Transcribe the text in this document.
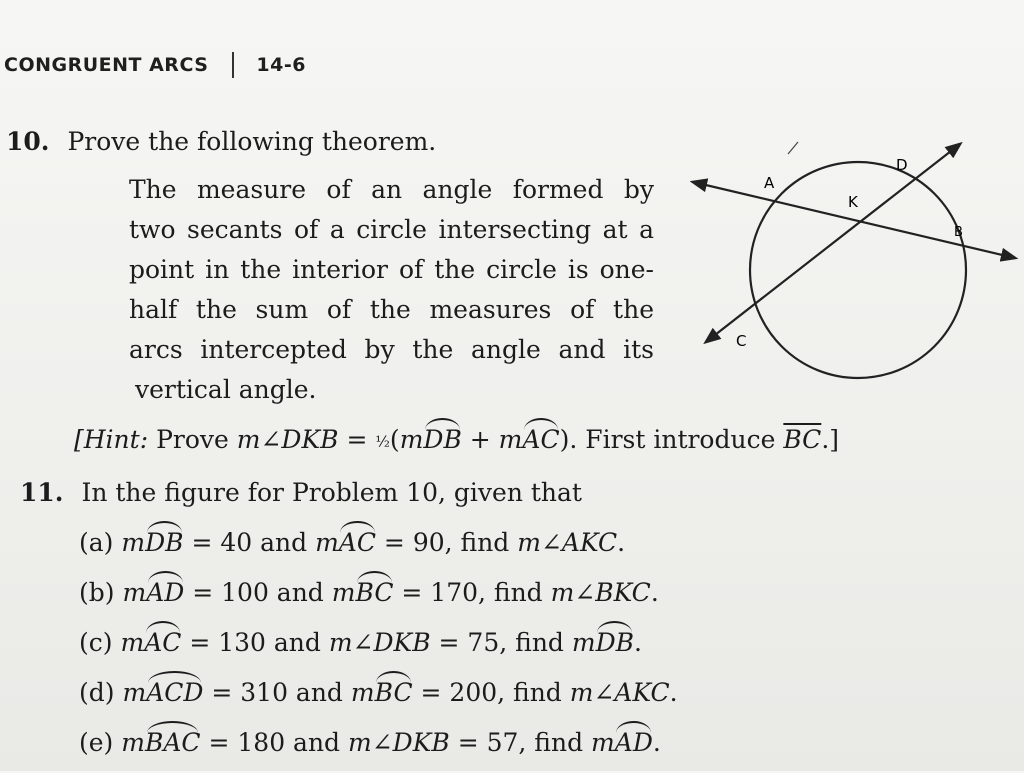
CONGRUENT ARCS	14-6
10. Prove the following theorem.
The measure of an angle formed by
two secants of a circle intersecting at a
point in the interior of the circle is one-
half the sum of the measures of the
arcs intercepted by the angle and its
vertical angle.
[Hint: Prove m∠DKB = ½(mDB + mAC). First introduce $\overline{BC}$.]
A
K
D
B
C
11. In the figure for Problem 10, given that
(a) mDB = 40 and mAC = 90, find m∠AKC.
(b) mAD = 100 and mBC = 170, find m∠BKC.
(c) mAC = 130 and m∠DKB = 75, find mDB.
(d) mACD = 310 and mBC = 200, find m∠AKC.
(e) mBAC = 180 and m∠DKB = 57, find mAD.
